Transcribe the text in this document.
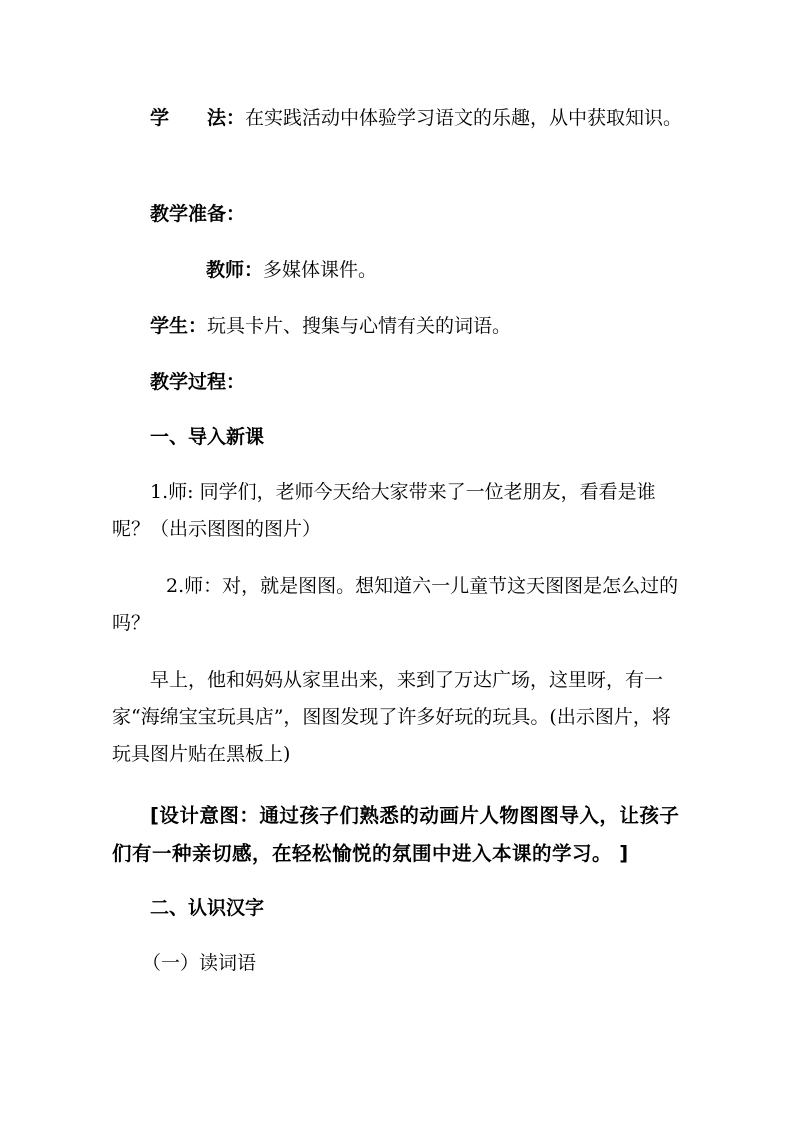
学　　法：在实践活动中体验学习语文的乐趣，从中获取知识。

教学准备：

教师：多媒体课件。

学生：玩具卡片、搜集与心情有关的词语。

教学过程：

一、导入新课

1.师: 同学们，老师今天给大家带来了一位老朋友，看看是谁呢？（出示图图的图片）

2.师：对，就是图图。想知道六一儿童节这天图图是怎么过的吗？

早上，他和妈妈从家里出来，来到了万达广场，这里呀，有一家“海绵宝宝玩具店”，图图发现了许多好玩的玩具。(出示图片，将玩具图片贴在黑板上)

[设计意图：通过孩子们熟悉的动画片人物图图导入，让孩子们有一种亲切感，在轻松愉悦的氛围中进入本课的学习。 ]

二、认识汉字

（一）读词语
